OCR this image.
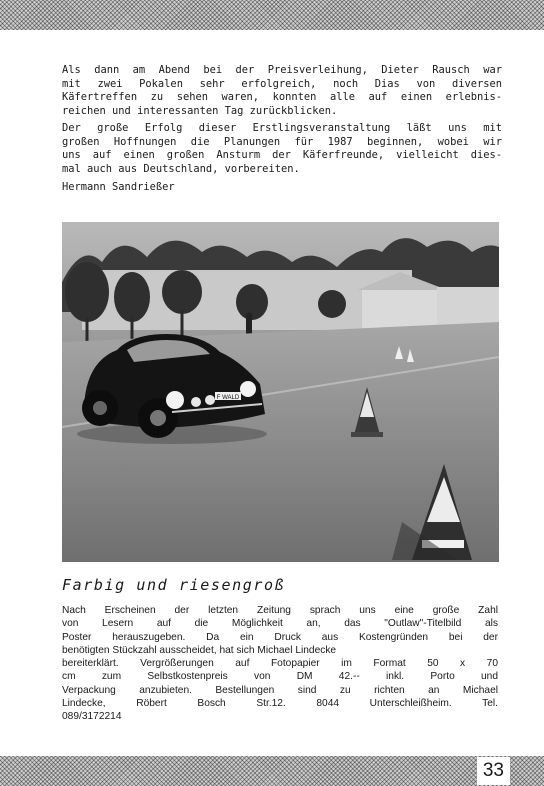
Als dann am Abend bei der Preisverleihung, Dieter Rausch war
mit zwei Pokalen sehr erfolgreich, noch Dias von diversen
Käfertreffen zu sehen waren, konnten alle auf einen erlebnis-
reichen und interessanten Tag zurückblicken.
Der große Erfolg dieser Erstlingsveranstaltung läßt uns mit
großen Hoffnungen die Planungen für 1987 beginnen, wobei wir
uns auf einen großen Ansturm der Käferfreunde, vielleicht dies-
mal auch aus Deutschland, vorbereiten.
Hermann Sandrießer
F WALD
Farbig und riesengroß
Nach Erscheinen der letzten Zeitung sprach uns eine große Zahl
von Lesern auf die Möglichkeit an, das "Outlaw"-Titelbild als
Poster herauszugeben. Da ein Druck aus Kostengründen bei der
benötigten Stückzahl ausscheidet, hat sich Michael Lindecke
bereiterklärt. Vergrößerungen auf Fotopapier im Format 50 x 70
cm zum Selbstkostenpreis von DM 42.-- inkl. Porto und
Verpackung anzubieten. Bestellungen sind zu richten an Michael
Lindecke, Röbert Bosch Str.12. 8044 Unterschleißheim. Tel.
089/3172214
33
